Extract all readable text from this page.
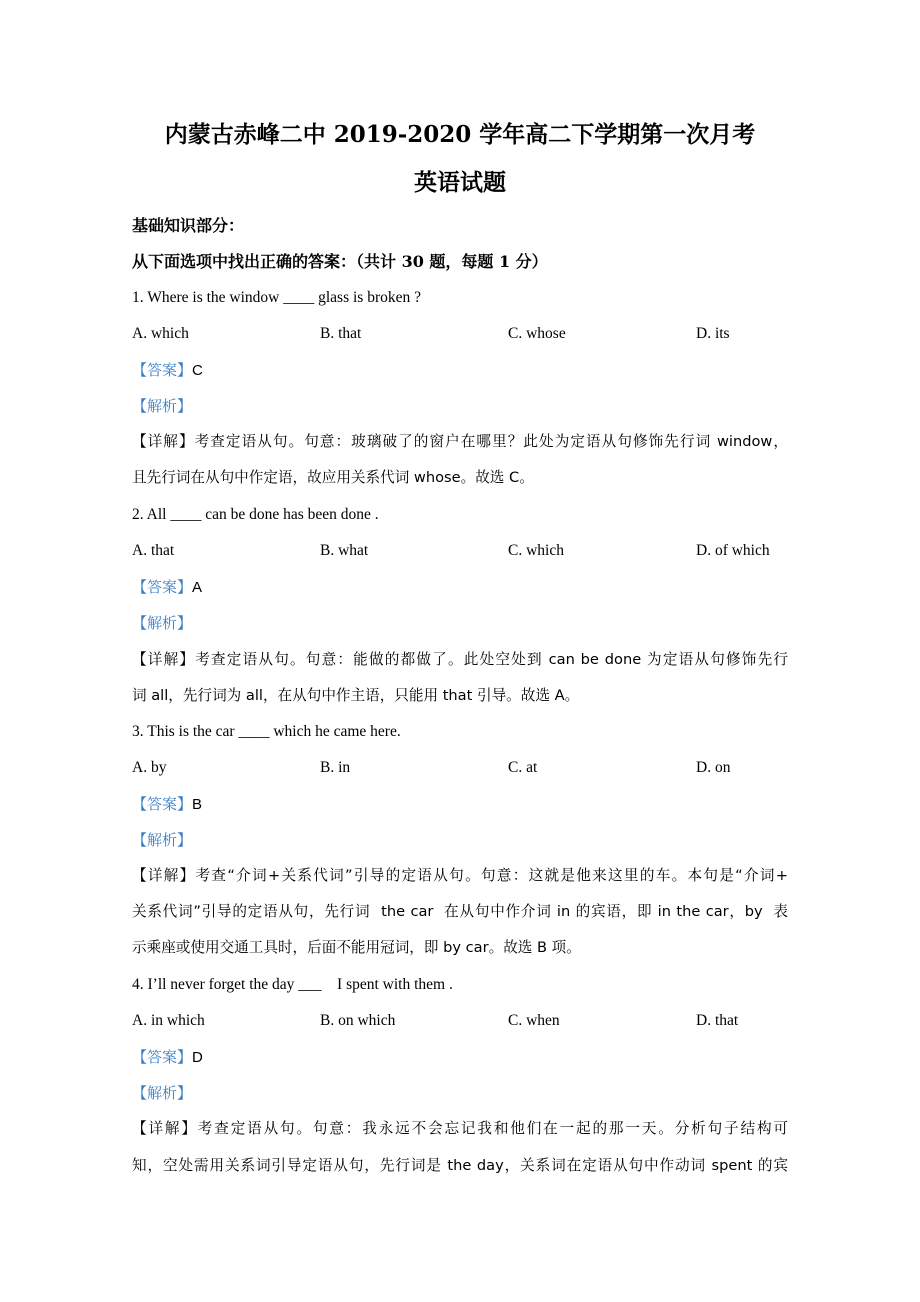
内蒙古赤峰二中 2019-2020 学年高二下学期第一次月考
英语试题
基础知识部分：
从下面选项中找出正确的答案：（共计 30 题，每题 1 分）
1. Where is the window ____ glass is broken ?
A. which	B. that	C. whose	D. its
【答案】C
【解析】
【详解】考查定语从句。句意：玻璃破了的窗户在哪里？此处为定语从句修饰先行词 window，
且先行词在从句中作定语，故应用关系代词 whose。故选 C。
2. All ____ can be done has been done .
A. that	B. what	C. which	D. of which
【答案】A
【解析】
【详解】考查定语从句。句意：能做的都做了。此处空处到 can be done 为定语从句修饰先行
词 all，先行词为 all，在从句中作主语，只能用 that 引导。故选 A。
3. This is the car ____ which he came here.
A. by	B. in	C. at	D. on
【答案】B
【解析】
【详解】考查“介词+关系代词”引导的定语从句。句意：这就是他来这里的车。本句是“介词+
关系代词”引导的定语从句，先行词  the car  在从句中作介词 in 的宾语，即 in the car，by  表
示乘座或使用交通工具时，后面不能用冠词，即 by car。故选 B 项。
4. I’ll never forget the day ___    I spent with them .
A. in which	B. on which	C. when	D. that
【答案】D
【解析】
【详解】考查定语从句。句意：我永远不会忘记我和他们在一起的那一天。分析句子结构可
知，空处需用关系词引导定语从句，先行词是 the day，关系词在定语从句中作动词 spent 的宾
